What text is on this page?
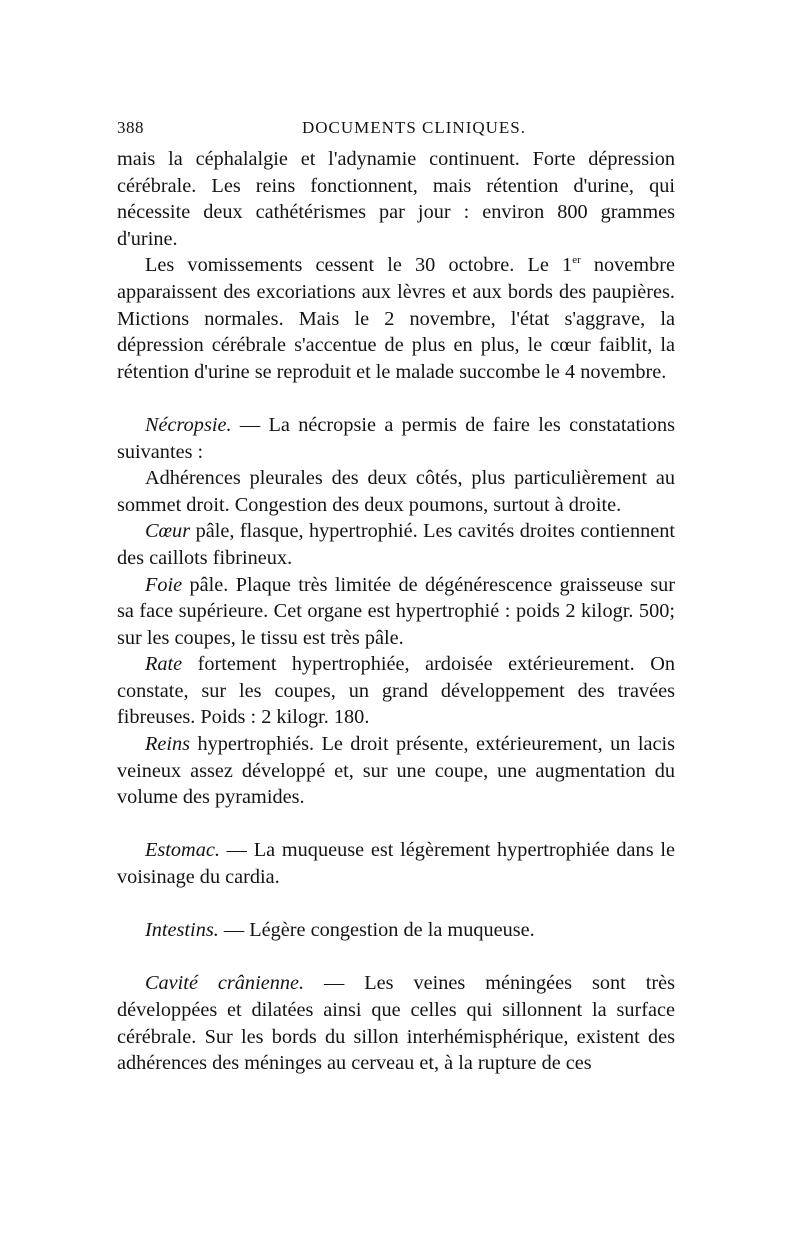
388	DOCUMENTS CLINIQUES.

mais la céphalalgie et l'adynamie continuent. Forte dépression cérébrale. Les reins fonctionnent, mais rétention d'urine, qui nécessite deux cathétérismes par jour : environ 800 grammes d'urine.

Les vomissements cessent le 30 octobre. Le 1er novembre apparaissent des excoriations aux lèvres et aux bords des paupières. Mictions normales. Mais le 2 novembre, l'état s'aggrave, la dépression cérébrale s'accentue de plus en plus, le cœur faiblit, la rétention d'urine se reproduit et le malade succombe le 4 novembre.

Nécropsie. — La nécropsie a permis de faire les constatations suivantes :

Adhérences pleurales des deux côtés, plus particulièrement au sommet droit. Congestion des deux poumons, surtout à droite.

Cœur pâle, flasque, hypertrophié. Les cavités droites contiennent des caillots fibrineux.

Foie pâle. Plaque très limitée de dégénérescence graisseuse sur sa face supérieure. Cet organe est hypertrophié : poids 2 kilogr. 500; sur les coupes, le tissu est très pâle.

Rate fortement hypertrophiée, ardoisée extérieurement. On constate, sur les coupes, un grand développement des travées fibreuses. Poids : 2 kilogr. 180.

Reins hypertrophiés. Le droit présente, extérieurement, un lacis veineux assez développé et, sur une coupe, une augmentation du volume des pyramides.

Estomac. — La muqueuse est légèrement hypertrophiée dans le voisinage du cardia.

Intestins. — Légère congestion de la muqueuse.

Cavité crânienne. — Les veines méningées sont très développées et dilatées ainsi que celles qui sillonnent la surface cérébrale. Sur les bords du sillon interhémisphérique, existent des adhérences des méninges au cerveau et, à la rupture de ces
